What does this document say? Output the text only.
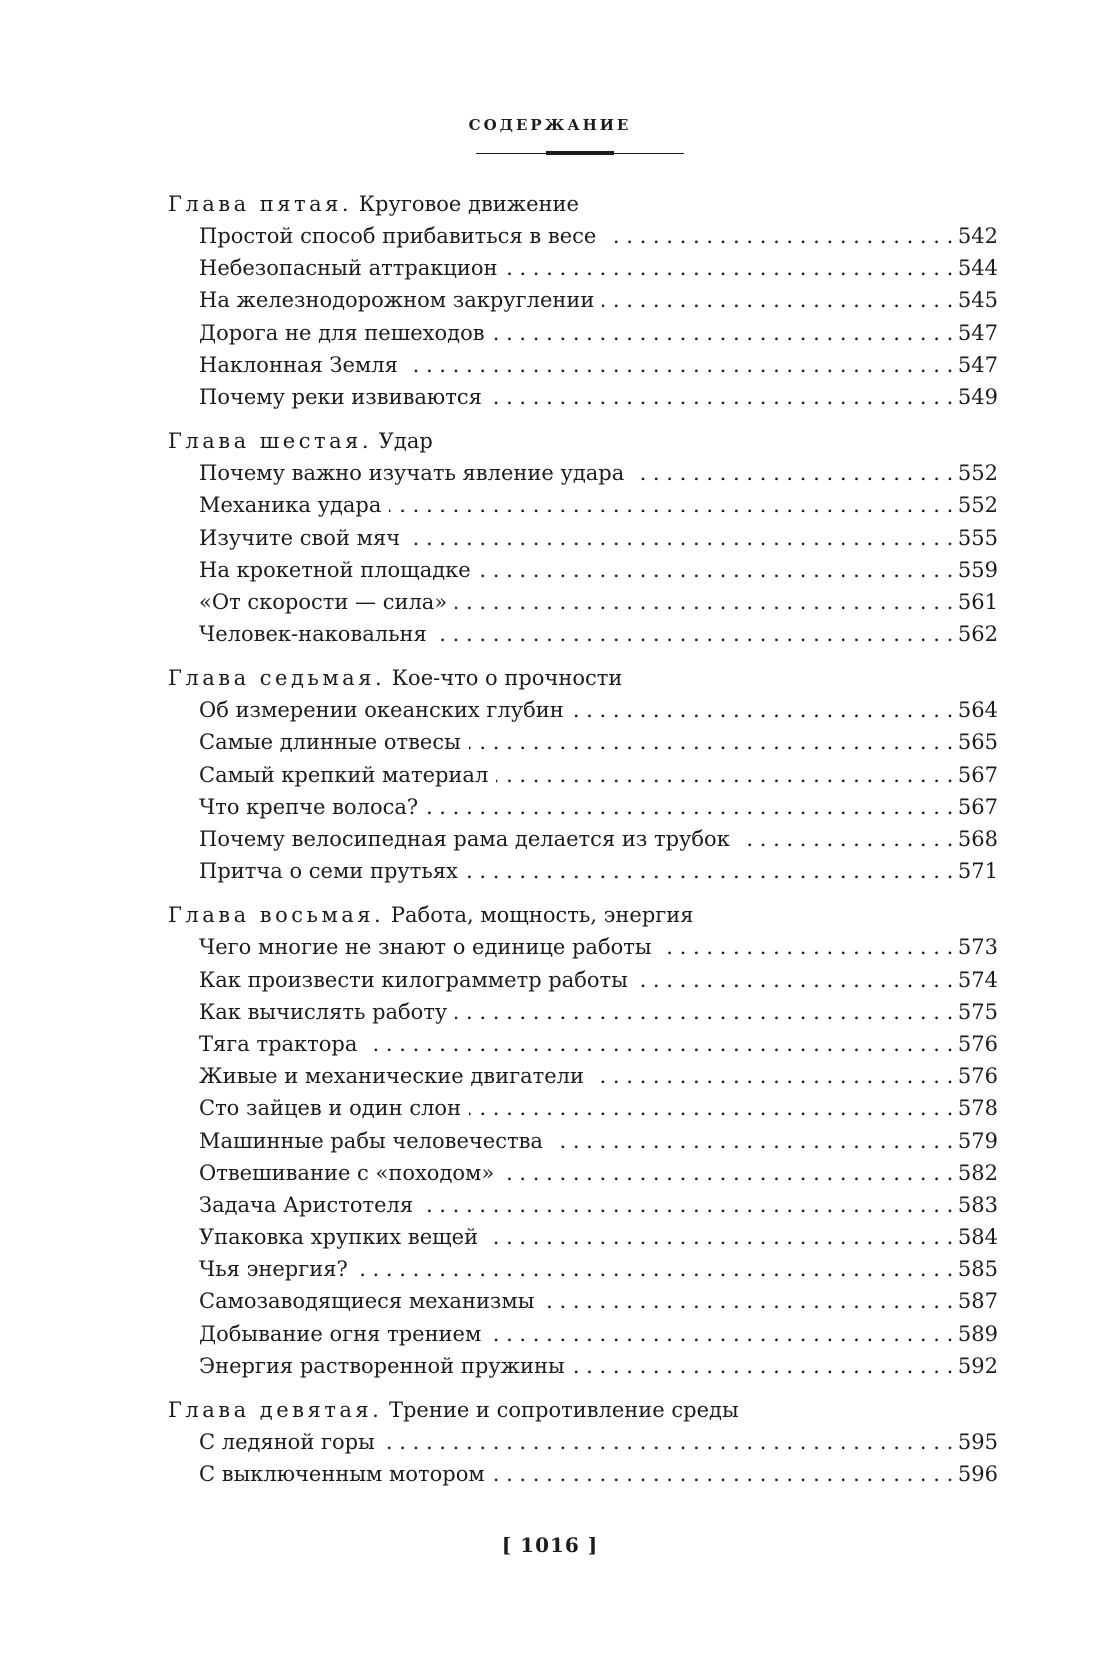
СОДЕРЖАНИЕ
Глава пятая. Круговое движение
. . . Простой способ прибавиться в весе	542
. . . Небезопасный аттракцион	544
. . . На железнодорожном закруглении	545
. . . Дорога не для пешеходов	547
. . . Наклонная Земля	547
. . . Почему реки извиваются	549
Глава шестая. Удар
. . . Почему важно изучать явление удара	552
. . . Механика удара	552
. . . Изучите свой мяч	555
. . . На крокетной площадке	559
. . . «От скорости — сила»	561
. . . Человек-наковальня	562
Глава седьмая. Кое-что о прочности
. . . Об измерении океанских глубин	564
. . . Самые длинные отвесы	565
. . . Самый крепкий материал	567
. . . Что крепче волоса?	567
. . . Почему велосипедная рама делается из трубок	568
. . . Притча о семи прутьях	571
Глава восьмая. Работа, мощность, энергия
. . . Чего многие не знают о единице работы	573
. . . Как произвести килограмметр работы	574
. . . Как вычислять работу	575
. . . Тяга трактора	576
. . . Живые и механические двигатели	576
. . . Сто зайцев и один слон	578
. . . Машинные рабы человечества	579
. . . Отвешивание с «походом»	582
. . . Задача Аристотеля	583
. . . Упаковка хрупких вещей	584
. . . Чья энергия?	585
. . . Самозаводящиеся механизмы	587
. . . Добывание огня трением	589
. . . Энергия растворенной пружины	592
Глава девятая. Трение и сопротивление среды
. . . С ледяной горы	595
. . . С выключенным мотором	596
[ 1016 ]
